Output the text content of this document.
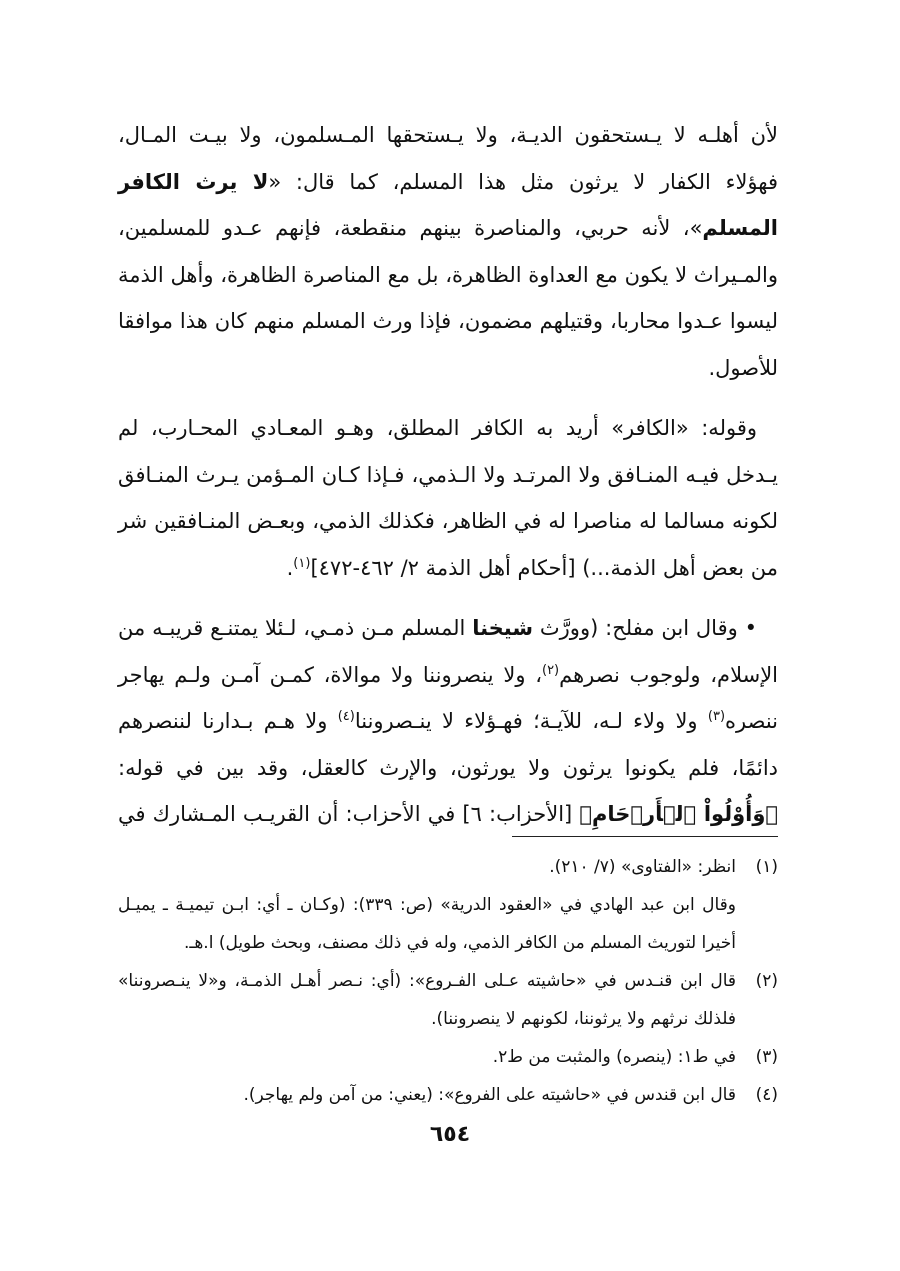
لأن أهلـه لا يـستحقون الديـة، ولا يـستحقها المـسلمون، ولا بيـت المـال، فهؤلاء الكفار لا يرثون مثل هذا المسلم، كما قال: «لا يرث الكافر المسلم»، لأنه حربي، والمناصرة بينهم منقطعة، فإنهم عـدو للمسلمين، والمـيراث لا يكون مع العداوة الظاهرة، بل مع المناصرة الظاهرة، وأهل الذمة ليسوا عـدوا محاربا، وقتيلهم مضمون، فإذا ورث المسلم منهم كان هذا موافقا للأصول.

 وقوله: «الكافر» أريد به الكافر المطلق، وهـو المعـادي المحـارب، لم يـدخل فيـه المنـافق ولا المرتـد ولا الـذمي، فـإذا كـان المـؤمن يـرث المنـافق لكونه مسالما له مناصرا له في الظاهر، فكذلك الذمي، وبعـض المنـافقين شر من بعض أهل الذمة...) [أحكام أهل الذمة ٢/ ٤٦٢-٤٧٢]$^{(١)}$.

 • وقال ابن مفلح: (وورَّث شيخنا المسلم مـن ذمـي، لـئلا يمتنـع قريبـه من الإسلام، ولوجوب نصرهم$^{(٢)}$، ولا ينصروننا ولا موالاة، كمـن آمـن ولـم يهاجر ننصره$^{(٣)}$ ولا ولاء لـه، للآيـة؛ فهـؤلاء لا ينـصروننا$^{(٤)}$ ولا هـم بـدارنا لننصرهم دائمًا، فلم يكونوا يرثون ولا يورثون، والإرث كالعقل، وقد بين في قوله: ﴿وَأُوْلُواْ ٱلۡأَرۡحَامِ﴾ [الأحزاب: ٦] في الأحزاب: أن القريـب المـشارك في

(١)
انظر: «الفتاوى» (٧/ ٢١٠).

وقال ابن عبد الهادي في «العقود الدرية» (ص: ٣٣٩): (وكـان ـ أي: ابـن تيميـة ـ يميـل أخيرا لتوريث المسلم من الكافر الذمي، وله في ذلك مصنف، وبحث طويل) ا.هـ.

(٢)
قال ابن قنـدس في «حاشيته عـلى الفـروع»: (أي: نـصر أهـل الذمـة، و«لا ينـصروننا» فلذلك نرثهم ولا يرثوننا، لكونهم لا ينصروننا).

(٣)
في ط١: (ينصره) والمثبت من ط٢.

(٤)
قال ابن قندس في «حاشيته على الفروع»: (يعني: من آمن ولم يهاجر).

٦٥٤
